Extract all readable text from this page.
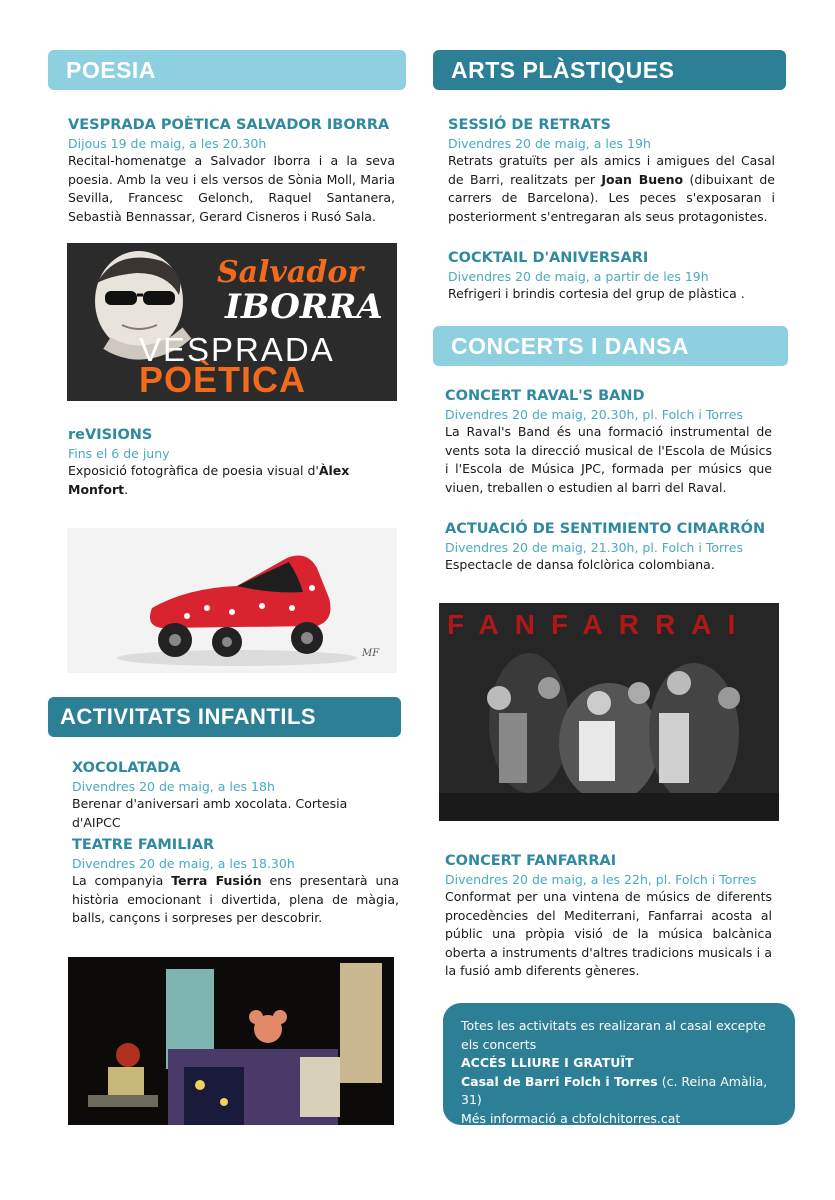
POESIA

VESPRADA POÈTICA SALVADOR IBORRA

Dijous 19 de maig, a les 20.30h

Recital-homenatge a Salvador Iborra i a la seva poesia. Amb la veu i els versos de Sònia Moll, Maria Sevilla, Francesc Gelonch, Raquel Santanera, Sebastià Bennassar, Gerard Cisneros i Rusó Sala.

Salvador
IBORRA
VESPRADA
POÈTICA

reVISIONS

Fins el 6 de juny

Exposició fotogràfica de poesia visual d'Àlex Monfort.

MF
ACTIVITATS INFANTILS

XOCOLATADA

Divendres 20 de maig, a les 18h

Berenar d'aniversari amb xocolata. Cortesia d'AIPCC

TEATRE FAMILIAR

Divendres 20 de maig, a les 18.30h

La companyia Terra Fusión ens presentarà una història emocionant i divertida, plena de màgia, balls, cançons i sorpreses per descobrir.

ARTS PLÀSTIQUES

SESSIÓ DE RETRATS

Divendres 20 de maig, a les 19h

Retrats gratuïts per als amics i amigues del Casal de Barri, realitzats per Joan Bueno (dibuixant de carrers de Barcelona). Les peces s'exposaran i posteriorment s'entregaran als seus protagonistes.

COCKTAIL D'ANIVERSARI

Divendres 20 de maig, a partir de les 19h

Refrigeri i brindis cortesia del grup de plàstica .

CONCERTS I DANSA

CONCERT RAVAL'S BAND

Divendres 20 de maig, 20.30h, pl. Folch i Torres

La Raval's Band és una formació instrumental de vents sota la direcció musical de l'Escola de Músics i l'Escola de Música JPC, formada per músics que viuen, treballen o estudien al barri del Raval.

ACTUACIÓ DE SENTIMIENTO CIMARRÓN

Divendres 20 de maig, 21.30h, pl. Folch i Torres

Espectacle de dansa folclòrica colombiana.

FANFARRAI

CONCERT FANFARRAI

Divendres 20 de maig, a les 22h, pl. Folch i Torres

Conformat per una vintena de músics de diferents procedències del Mediterrani, Fanfarrai acosta al públic una pròpia visió de la música balcànica oberta a instruments d'altres tradicions musicals i a la fusió amb diferents gèneres.

Totes les activitats es realizaran al casal excepte els concerts

ACCÉS LLIURE I GRATUÏT

Casal de Barri Folch i Torres (c. Reina Amàlia, 31)

Més informació a cbfolchitorres.cat
